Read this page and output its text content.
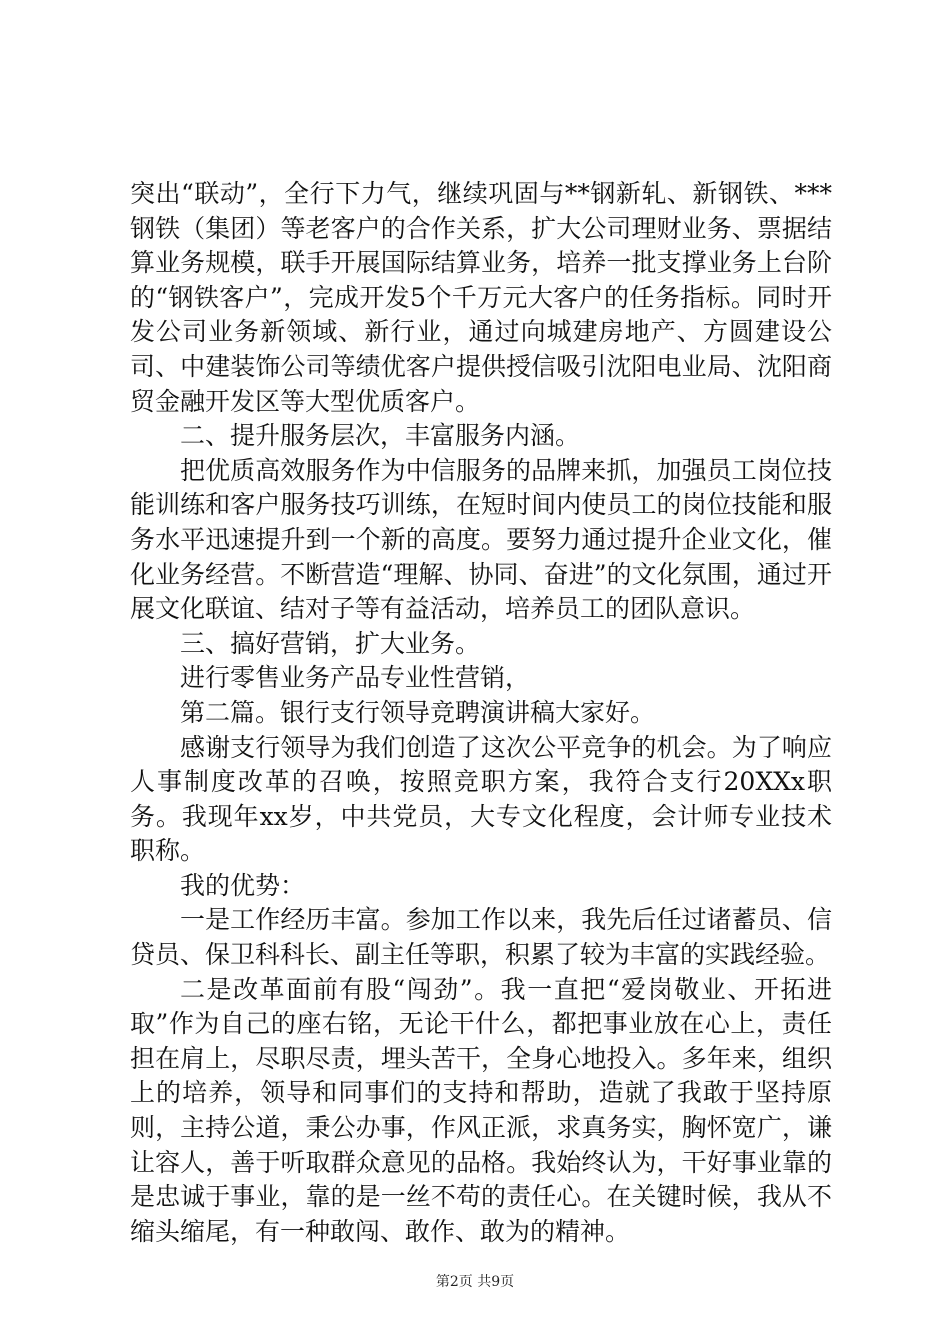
突出“联动”，全行下力气，继续巩固与**钢新轧、新钢铁、***钢铁（集团）等老客户的合作关系，扩大公司理财业务、票据结算业务规模，联手开展国际结算业务，培养一批支撑业务上台阶的“钢铁客户”，完成开发5个千万元大客户的任务指标。同时开发公司业务新领域、新行业，通过向城建房地产、方圆建设公司、中建装饰公司等绩优客户提供授信吸引沈阳电业局、沈阳商贸金融开发区等大型优质客户。

二、提升服务层次，丰富服务内涵。

把优质高效服务作为中信服务的品牌来抓，加强员工岗位技能训练和客户服务技巧训练，在短时间内使员工的岗位技能和服务水平迅速提升到一个新的高度。要努力通过提升企业文化，催化业务经营。不断营造“理解、协同、奋进”的文化氛围，通过开展文化联谊、结对子等有益活动，培养员工的团队意识。

三、搞好营销，扩大业务。

进行零售业务产品专业性营销，

第二篇。银行支行领导竞聘演讲稿大家好。

感谢支行领导为我们创造了这次公平竞争的机会。为了响应人事制度改革的召唤，按照竞职方案，我符合支行20XXx职务。我现年xx岁，中共党员，大专文化程度，会计师专业技术职称。

我的优势：

一是工作经历丰富。参加工作以来，我先后任过诸蓄员、信贷员、保卫科科长、副主任等职，积累了较为丰富的实践经验。

二是改革面前有股“闯劲”。我一直把“爱岗敬业、开拓进取”作为自己的座右铭，无论干什么，都把事业放在心上，责任担在肩上，尽职尽责，埋头苦干，全身心地投入。多年来，组织上的培养，领导和同事们的支持和帮助，造就了我敢于坚持原则，主持公道，秉公办事，作风正派，求真务实，胸怀宽广，谦让容人，善于听取群众意见的品格。我始终认为，干好事业靠的是忠诚于事业，靠的是一丝不苟的责任心。在关键时候，我从不缩头缩尾，有一种敢闯、敢作、敢为的精神。

第2页 共9页
